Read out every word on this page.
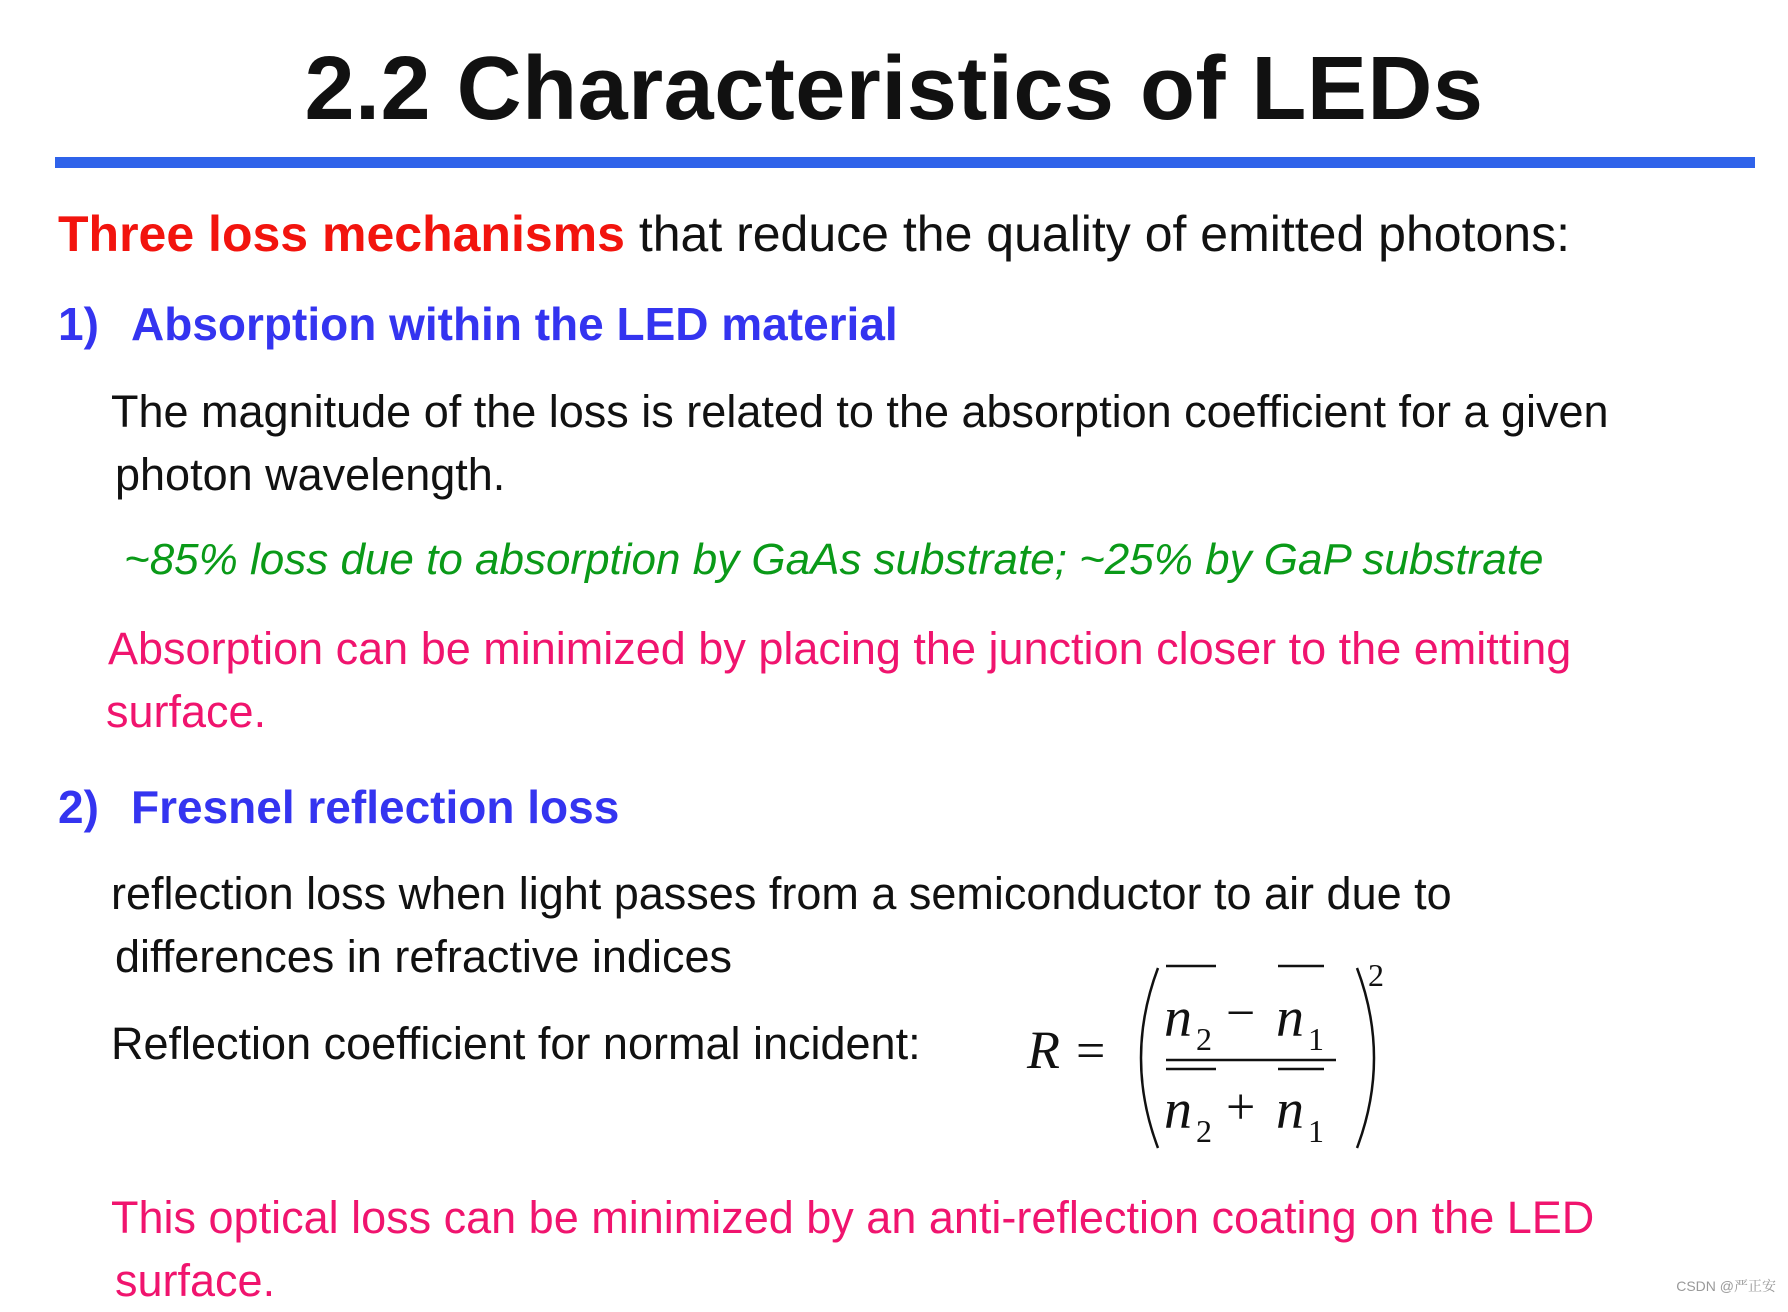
2.2 Characteristics of LEDs
Three loss mechanisms that reduce the quality of emitted photons:
1) Absorption within the LED material
The magnitude of the loss is related to the absorption coefficient for a given
photon wavelength.
~85% loss due to absorption by GaAs substrate; ~25% by GaP substrate
Absorption can be minimized by placing the junction closer to the emitting
surface.
2) Fresnel reflection loss
reflection loss when light passes from a semiconductor to air due to
differences in refractive indices
Reflection coefficient for normal incident: R =
2
n 2 − n 1
n 2 + n 1
This optical loss can be minimized by an anti-reflection coating on the LED
surface.	CSDN @严正安
